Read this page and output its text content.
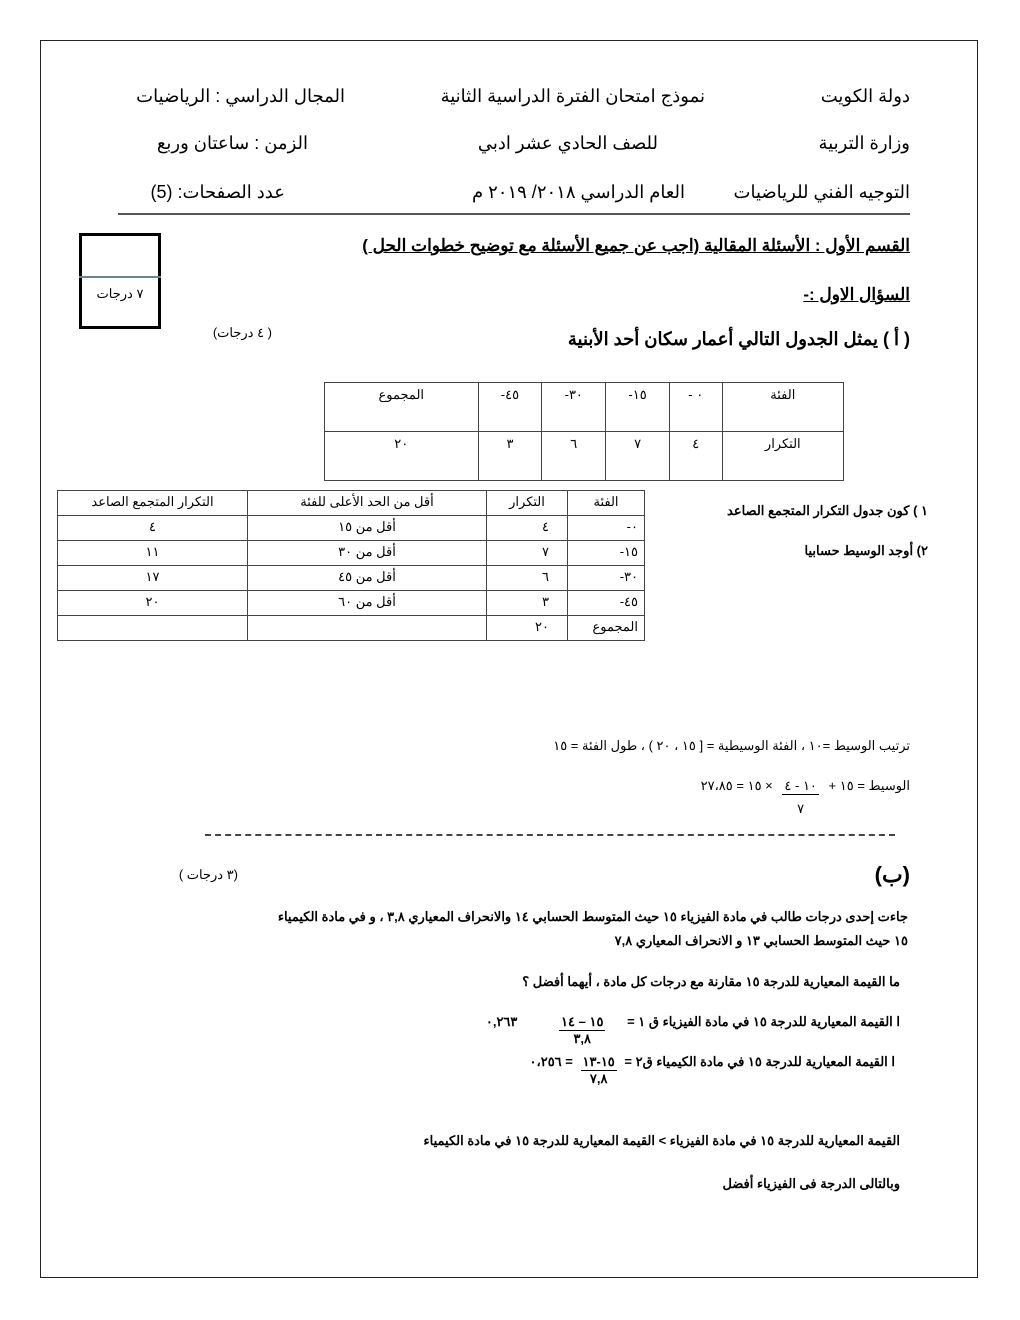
دولة الكويت
نموذج امتحان الفترة الدراسية الثانية
المجال الدراسي : الرياضيات
وزارة التربية
للصف الحادي عشر ادبي
الزمن : ساعتان وربع
التوجيه الفني للرياضيات
العام الدراسي ٢٠١٨/ ٢٠١٩ م
عدد الصفحات: (5)
القسم الأول : الأسئلة المقالية (اجب عن جميع الأسئلة مع توضيح خطوات الحل )
٧ درجات	السؤال الاول :-
( أ ) يمثل الجدول التالي أعمار سكان أحد الأبنية
( ٤ درجات)
الفئة	٠ -	١٥-	٣٠-	٤٥-	المجموع
التكرار	٤	٧	٦	٣	٢٠
١ ) كون جدول التكرار المتجمع الصاعد
٢) أوجد الوسيط حسابيا
الفئة	التكرار	أقل من الحد الأعلى للفئة	التكرار المتجمع الصاعد
٠-	٤	أقل من ١٥	٤
١٥-	٧	أقل من ٣٠	١١
٣٠-	٦	أقل من ٤٥	١٧
٤٥-	٣	أقل من ٦٠	٢٠
المجموع	٢٠		
ترتيب الوسيط =١٠ ، الفئة الوسيطية = [ ١٥ ، ٢٠ ) ، طول الفئة = ١٥
الوسيط = ١٥ +
$\frac{١٠ - ٤}{٧}$
× ١٥ = ٢٧،٨٥
(ب)
(٣ درجات )
جاءت إحدى درجات طالب في مادة الفيزياء ١٥ حيث المتوسط الحسابي ١٤ والانحراف المعياري ٣,٨ ، و في مادة الكيمياء
١٥ حيث المتوسط الحسابي ١٣ و الانحراف المعياري ٧,٨
ما القيمة المعيارية للدرجة ١٥ مقارنة مع درجات كل مادة ، أيهما أفضل ؟
ا القيمة المعيارية للدرجة ١٥ في مادة الفيزياء ق ١ =
$\frac{١٥ - ١٤}{٣,٨}$
٠,٢٦٣
ا القيمة المعيارية للدرجة ١٥ في مادة الكيمياء ق٢ =
$\frac{١٥-١٣}{٧,٨}$
= ٠،٢٥٦
القيمة المعيارية للدرجة ١٥ في مادة الفيزياء > القيمة المعيارية للدرجة ١٥ في مادة الكيمياء
وبالتالى الدرجة فى الفيزياء أفضل
